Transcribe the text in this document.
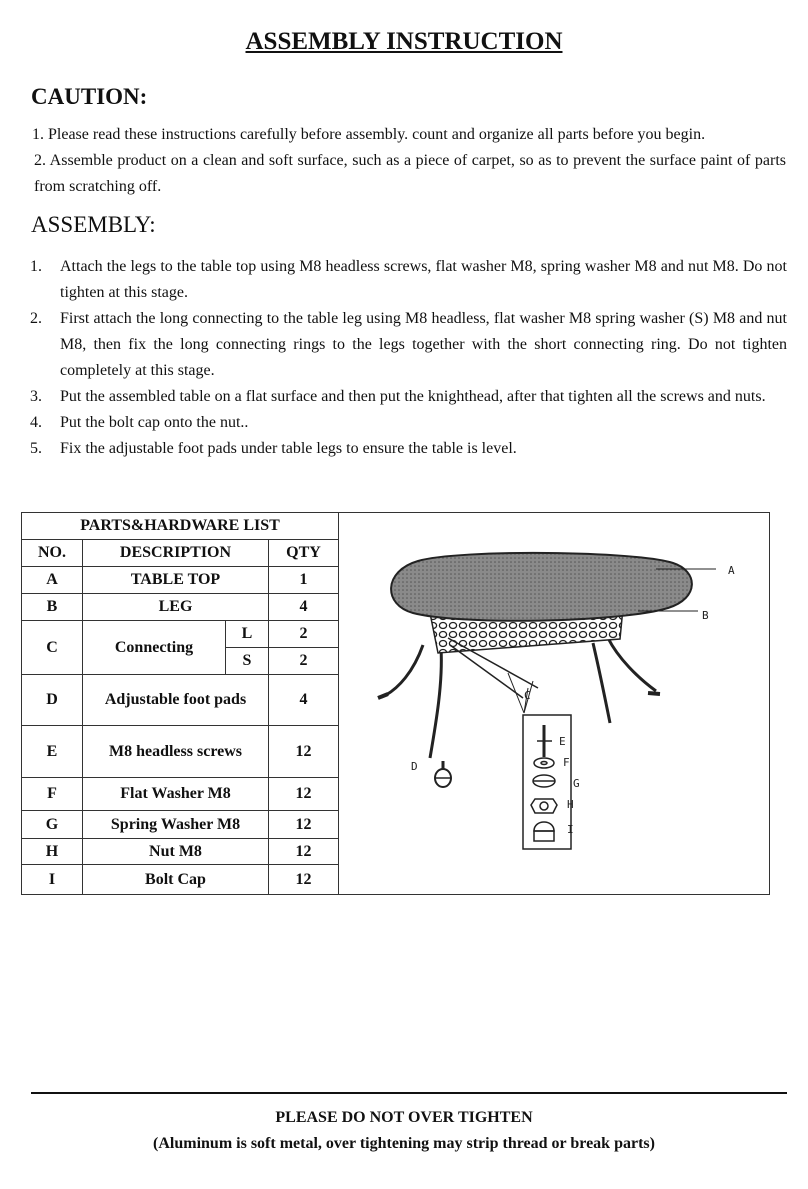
ASSEMBLY INSTRUCTION
CAUTION:

1. Please read these instructions carefully before assembly. count and organize all parts before you begin.

2. Assemble product on a clean and soft surface, such as a piece of carpet, so as to prevent the surface paint of parts from scratching off.

ASSEMBLY:
1. Attach the legs to the table top using M8 headless screws, flat washer M8, spring washer M8 and nut M8. Do not tighten at this stage.
2. First attach the long connecting to the table leg using M8 headless, flat washer M8 spring washer (S) M8 and nut M8, then fix the long connecting rings to the legs together with the short connecting ring. Do not tighten completely at this stage.
3. Put the assembled table on a flat surface and then put the knighthead, after that tighten all the screws and nuts.
4. Put the bolt cap onto the nut..
5. Fix the adjustable foot pads under table legs to ensure the table is level.
PARTS&HARDWARE LIST			
NO.	DESCRIPTION		QTY
A	TABLE TOP		1
B	LEG		4
C	Connecting	L	2
		S	2
D	Adjustable foot pads		4
E	M8 headless screws		12
F	Flat Washer M8		12
G	Spring Washer M8		12
H	Nut M8		12
I	Bolt Cap		12
A
B
C
D
E
F
G
H
I
PLEASE DO NOT OVER TIGHTEN
(Aluminum is soft metal, over tightening may strip thread or break parts)
